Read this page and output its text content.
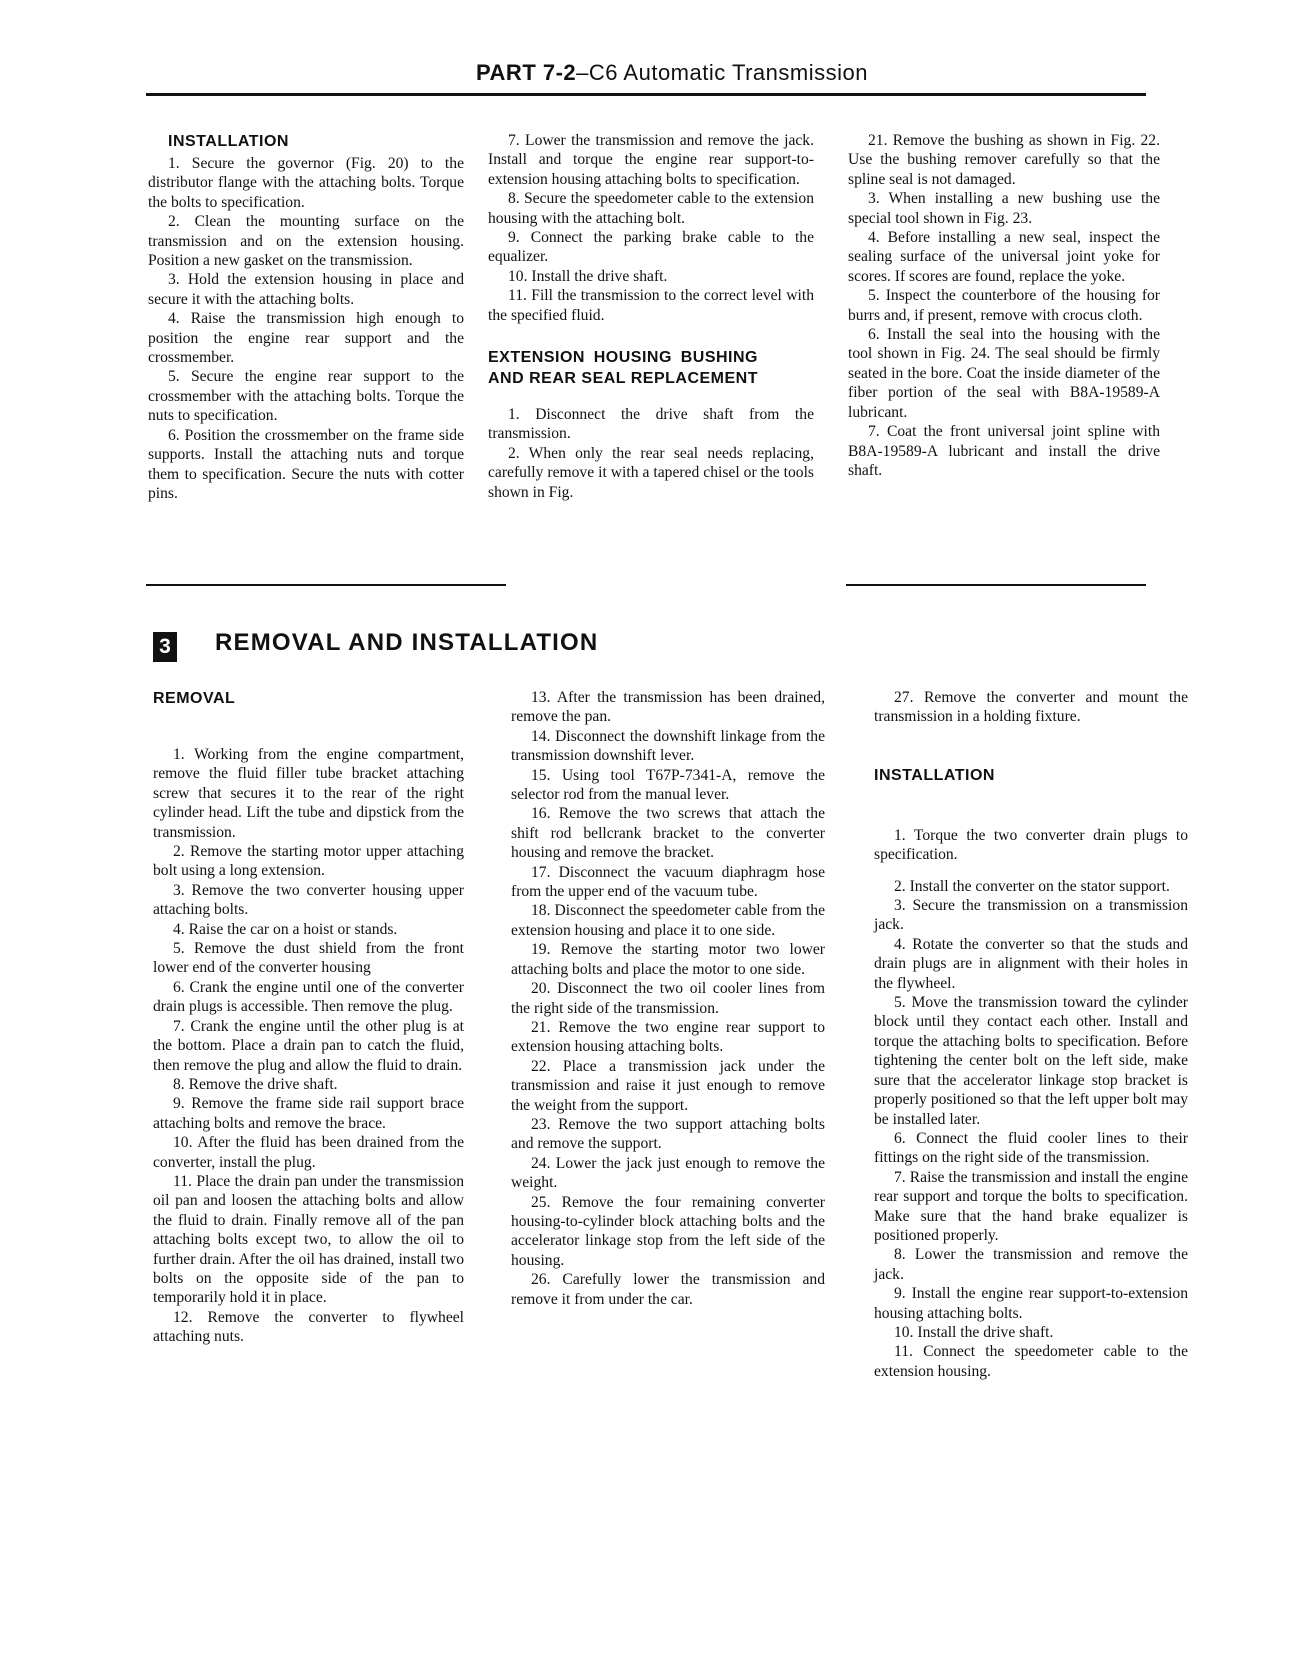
PART 7-2–C6 Automatic Transmission
INSTALLATION

1. Secure the governor (Fig. 20) to the distributor flange with the attaching bolts. Torque the bolts to specification.

2. Clean the mounting surface on the transmission and on the extension housing. Position a new gasket on the transmission.

3. Hold the extension housing in place and secure it with the attaching bolts.

4. Raise the transmission high enough to position the engine rear support and the crossmember.

5. Secure the engine rear support to the crossmember with the attaching bolts. Torque the nuts to specification.

6. Position the crossmember on the frame side supports. Install the attaching nuts and torque them to specification. Secure the nuts with cotter pins.

7. Lower the transmission and remove the jack. Install and torque the engine rear support-to-extension housing attaching bolts to specification.

8. Secure the speedometer cable to the extension housing with the attaching bolt.

9. Connect the parking brake cable to the equalizer.

10. Install the drive shaft.

11. Fill the transmission to the correct level with the specified fluid.

EXTENSION HOUSING BUSHING AND REAR SEAL REPLACEMENT

1. Disconnect the drive shaft from the transmission.

2. When only the rear seal needs replacing, carefully remove it with a tapered chisel or the tools shown in Fig.

21. Remove the bushing as shown in Fig. 22. Use the bushing remover carefully so that the spline seal is not damaged.

3. When installing a new bushing use the special tool shown in Fig. 23.

4. Before installing a new seal, inspect the sealing surface of the universal joint yoke for scores. If scores are found, replace the yoke.

5. Inspect the counterbore of the housing for burrs and, if present, remove with crocus cloth.

6. Install the seal into the housing with the tool shown in Fig. 24. The seal should be firmly seated in the bore. Coat the inside diameter of the fiber portion of the seal with B8A-19589-A lubricant.

7. Coat the front universal joint spline with B8A-19589-A lubricant and install the drive shaft.

3 REMOVAL AND INSTALLATION
REMOVAL

1. Working from the engine compartment, remove the fluid filler tube bracket attaching screw that secures it to the rear of the right cylinder head. Lift the tube and dipstick from the transmission.

2. Remove the starting motor upper attaching bolt using a long extension.

3. Remove the two converter housing upper attaching bolts.

4. Raise the car on a hoist or stands.

5. Remove the dust shield from the front lower end of the converter housing

6. Crank the engine until one of the converter drain plugs is accessible. Then remove the plug.

7. Crank the engine until the other plug is at the bottom. Place a drain pan to catch the fluid, then remove the plug and allow the fluid to drain.

8. Remove the drive shaft.

9. Remove the frame side rail support brace attaching bolts and remove the brace.

10. After the fluid has been drained from the converter, install the plug.

11. Place the drain pan under the transmission oil pan and loosen the attaching bolts and allow the fluid to drain. Finally remove all of the pan attaching bolts except two, to allow the oil to further drain. After the oil has drained, install two bolts on the opposite side of the pan to temporarily hold it in place.

12. Remove the converter to flywheel attaching nuts.

13. After the transmission has been drained, remove the pan.

14. Disconnect the downshift linkage from the transmission downshift lever.

15. Using tool T67P-7341-A, remove the selector rod from the manual lever.

16. Remove the two screws that attach the shift rod bellcrank bracket to the converter housing and remove the bracket.

17. Disconnect the vacuum diaphragm hose from the upper end of the vacuum tube.

18. Disconnect the speedometer cable from the extension housing and place it to one side.

19. Remove the starting motor two lower attaching bolts and place the motor to one side.

20. Disconnect the two oil cooler lines from the right side of the transmission.

21. Remove the two engine rear support to extension housing attaching bolts.

22. Place a transmission jack under the transmission and raise it just enough to remove the weight from the support.

23. Remove the two support attaching bolts and remove the support.

24. Lower the jack just enough to remove the weight.

25. Remove the four remaining converter housing-to-cylinder block attaching bolts and the accelerator linkage stop from the left side of the housing.

26. Carefully lower the transmission and remove it from under the car.

27. Remove the converter and mount the transmission in a holding fixture.

INSTALLATION

1. Torque the two converter drain plugs to specification.

2. Install the converter on the stator support.

3. Secure the transmission on a transmission jack.

4. Rotate the converter so that the studs and drain plugs are in alignment with their holes in the flywheel.

5. Move the transmission toward the cylinder block until they contact each other. Install and torque the attaching bolts to specification. Before tightening the center bolt on the left side, make sure that the accelerator linkage stop bracket is properly positioned so that the left upper bolt may be installed later.

6. Connect the fluid cooler lines to their fittings on the right side of the transmission.

7. Raise the transmission and install the engine rear support and torque the bolts to specification. Make sure that the hand brake equalizer is positioned properly.

8. Lower the transmission and remove the jack.

9. Install the engine rear support-to-extension housing attaching bolts.

10. Install the drive shaft.

11. Connect the speedometer cable to the extension housing.
